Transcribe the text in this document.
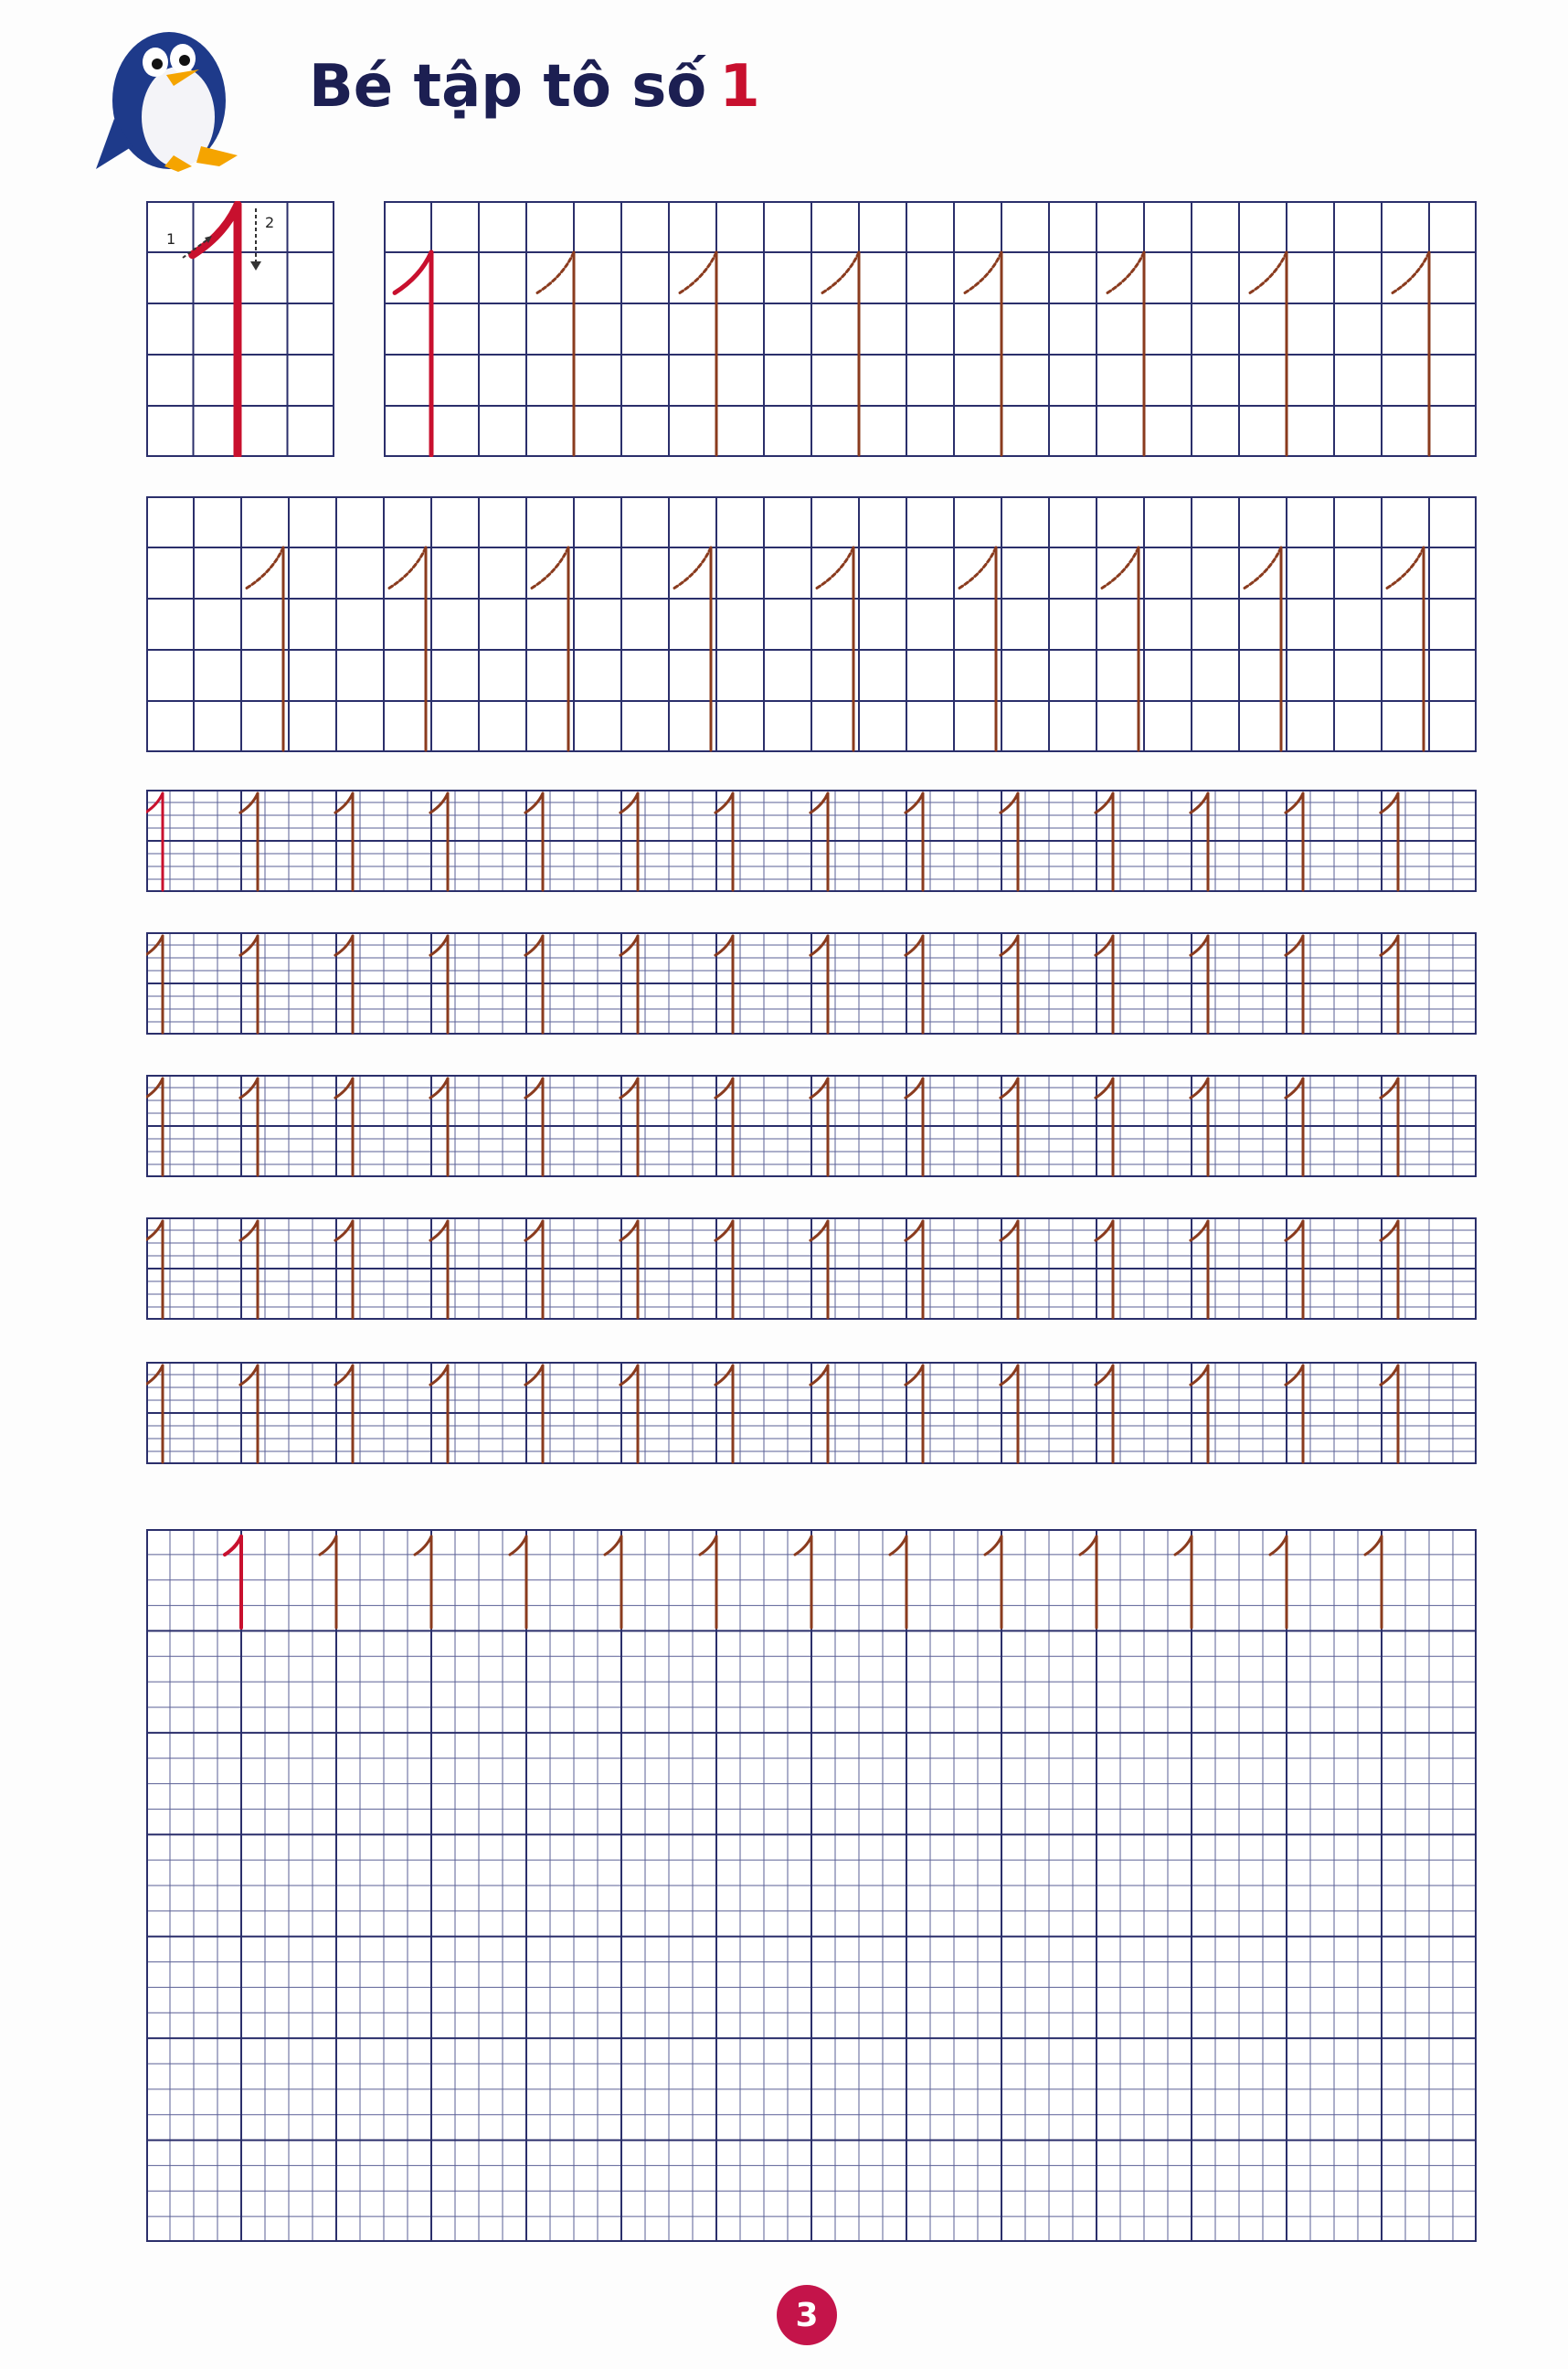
Bé tập tô số 1
1
2
3
